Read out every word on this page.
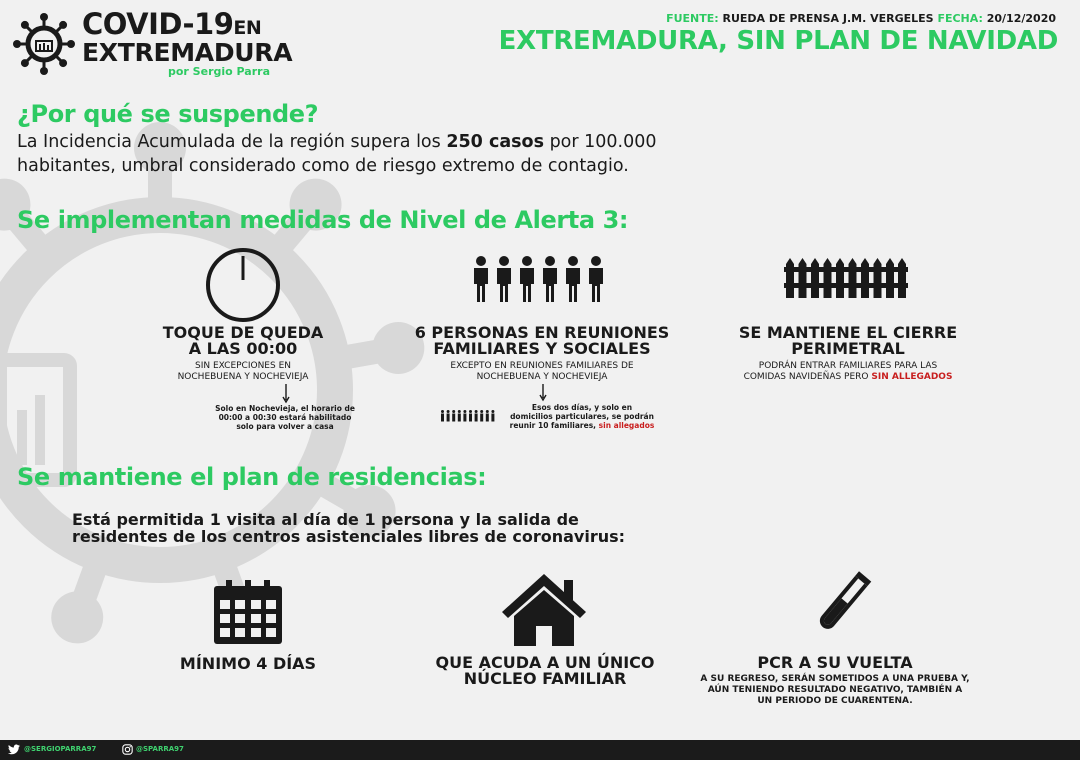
COVID-19EN
EXTREMADURA
por Sergio Parra
FUENTE: RUEDA DE PRENSA J.M. VERGELES FECHA: 20/12/2020
EXTREMADURA, SIN PLAN DE NAVIDAD
¿Por qué se suspende?
La Incidencia Acumulada de la región supera los 250 casos por 100.000
habitantes, umbral considerado como de riesgo extremo de contagio.
Se implementan medidas de Nivel de Alerta 3:
TOQUE DE QUEDA
A LAS 00:00
SIN EXCEPCIONES EN
NOCHEBUENA Y NOCHEVIEJA
Solo en Nochevieja, el horario de
00:00 a 00:30 estará habilitado
solo para volver a casa
6 PERSONAS EN REUNIONES
FAMILIARES Y SOCIALES
EXCEPTO EN REUNIONES FAMILIARES DE
NOCHEBUENA Y NOCHEVIEJA
Esos dos días, y solo en
domicilios particulares, se podrán
reunir 10 familiares, sin allegados
SE MANTIENE EL CIERRE
PERIMETRAL
PODRÁN ENTRAR FAMILIARES PARA LAS
COMIDAS NAVIDEÑAS PERO SIN ALLEGADOS
Se mantiene el plan de residencias:
Está permitida 1 visita al día de 1 persona y la salida de
residentes de los centros asistenciales libres de coronavirus:
MÍNIMO 4 DÍAS	QUE ACUDA A UN ÚNICO
NÚCLEO FAMILIAR
PCR A SU VUELTA
A SU REGRESO, SERÁN SOMETIDOS A UNA PRUEBA Y,
AÚN TENIENDO RESULTADO NEGATIVO, TAMBIÉN A
UN PERIODO DE CUARENTENA.
@SERGIOPARRA97	@SPARRA97
